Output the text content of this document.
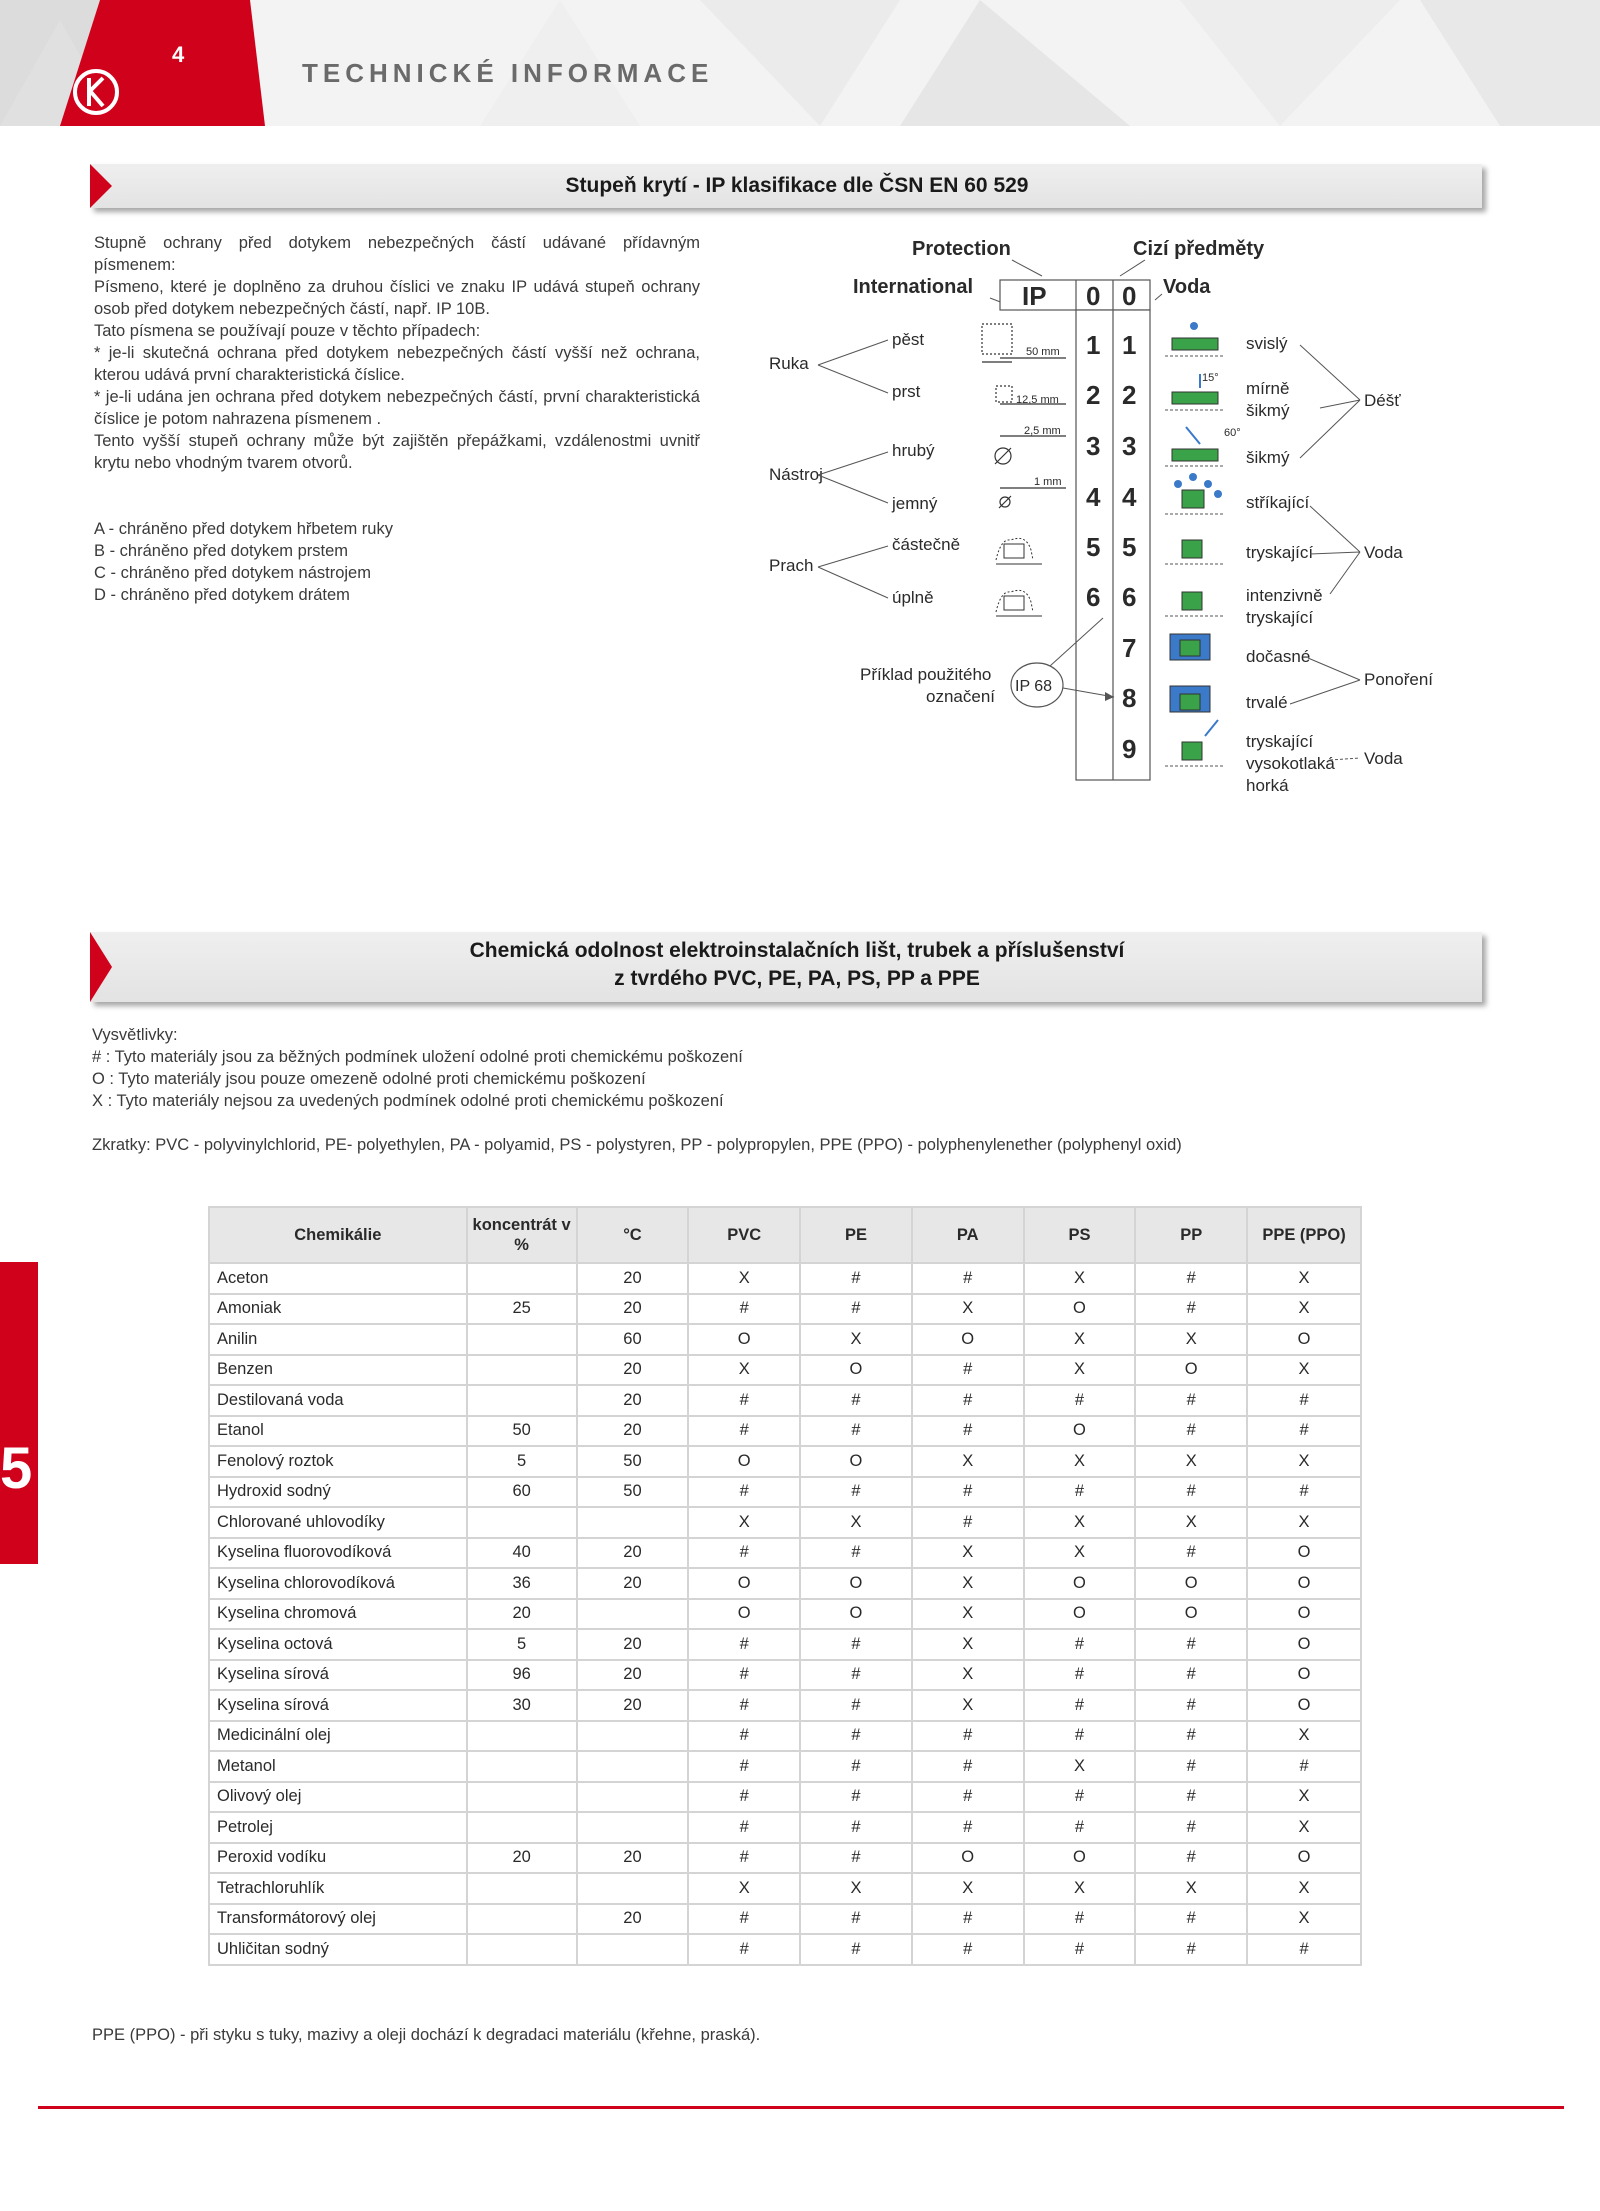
4
TECHNICKÉ INFORMACE
Stupeň krytí - IP klasifikace dle ČSN EN 60 529

Stupně ochrany před dotykem nebezpečných částí udávané přídavným písmenem:

Písmeno, které je doplněno za druhou číslici ve znaku IP udává stupeň ochrany osob před dotykem nebezpečných částí, např. IP 10B.

Tato písmena se používají pouze v těchto případech:

* je-li skutečná ochrana před dotykem nebezpečných částí vyšší než ochrana, kterou udává první charakteristická číslice.

* je-li udána jen ochrana před dotykem nebezpečných částí, první charakteristická číslice je potom nahrazena písmenem .

Tento vyšší stupeň ochrany může být zajištěn přepážkami, vzdálenostmi uvnitř krytu nebo vhodným tvarem otvorů.

A - chráněno před dotykem hřbetem ruky

B - chráněno před dotykem prstem

C - chráněno před dotykem nástrojem

D - chráněno před dotykem drátem

Protection	Cizí předměty
International	Voda
IP 0
1
2
3
4
5
6
0
1
2
3
4
5
6
7
8
9
Ruka
Nástroj
Prach
pěst
prst
hrubý
jemný
částečně
úplně
50 mm
12,5 mm
2,5 mm
1 mm
15°
60°
svislý
mírně
šikmý
šikmý
stříkající
tryskající
intenzivně
tryskající
dočasné
trvalé
tryskající
vysokotlaká
horká
Déšť
Voda
Ponoření
Voda
Příklad použitého
označení
IP 68
Chemická odolnost elektroinstalačních lišt, trubek a příslušenství
z tvrdého PVC, PE, PA, PS, PP a PPE
Vysvětlivky:
# : Tyto materiály jsou za běžných podmínek uložení odolné proti chemickému poškození
O : Tyto materiály jsou pouze omezeně odolné proti chemickému poškození
X : Tyto materiály nejsou za uvedených podmínek odolné proti chemickému poškození
Zkratky: PVC - polyvinylchlorid, PE- polyethylen, PA - polyamid, PS - polystyren, PP - polypropylen, PPE (PPO) - polyphenylenether (polyphenyl oxid)
Chemikálie	koncentrát v %	°C	PVC	PE	PA	PS	PP	PPE (PPO)
Aceton		20	X	#	#	X	#	X
Amoniak	25	20	#	#	X	O	#	X
Anilin		60	O	X	O	X	X	O
Benzen		20	X	O	#	X	O	X
Destilovaná voda		20	#	#	#	#	#	#
Etanol	50	20	#	#	#	O	#	#
Fenolový roztok	5	50	O	O	X	X	X	X
Hydroxid sodný	60	50	#	#	#	#	#	#
Chlorované uhlovodíky			X	X	#	X	X	X
Kyselina fluorovodíková	40	20	#	#	X	X	#	O
Kyselina chlorovodíková	36	20	O	O	X	O	O	O
Kyselina chromová	20		O	O	X	O	O	O
Kyselina octová	5	20	#	#	X	#	#	O
Kyselina sírová	96	20	#	#	X	#	#	O
Kyselina sírová	30	20	#	#	X	#	#	O
Medicinální olej			#	#	#	#	#	X
Metanol			#	#	#	X	#	#
Olivový olej			#	#	#	#	#	X
Petrolej			#	#	#	#	#	X
Peroxid vodíku	20	20	#	#	O	O	#	O
Tetrachloruhlík			X	X	X	X	X	X
Transformátorový olej		20	#	#	#	#	#	X
Uhličitan sodný			#	#	#	#	#	#
PPE (PPO) - při styku s tuky, mazivy a oleji dochází k degradaci materiálu (křehne, praská).
5
